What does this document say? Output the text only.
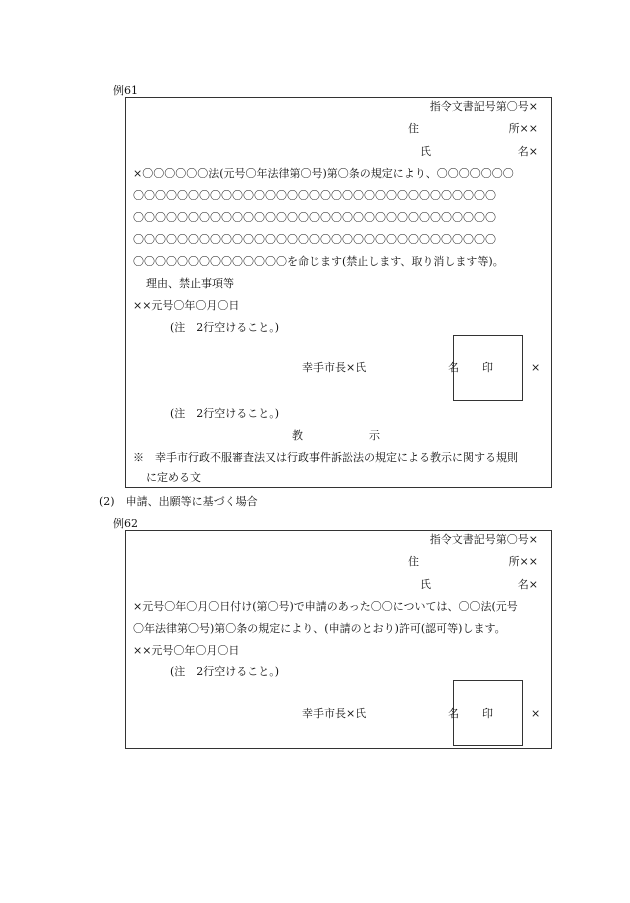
例61
指令文書記号第〇号×
住	所××
氏	名×
×〇〇〇〇〇〇法(元号〇年法律第〇号)第〇条の規定により、〇〇〇〇〇〇〇
〇〇〇〇〇〇〇〇〇〇〇〇〇〇〇〇〇〇〇〇〇〇〇〇〇〇〇〇〇〇〇〇〇
〇〇〇〇〇〇〇〇〇〇〇〇〇〇〇〇〇〇〇〇〇〇〇〇〇〇〇〇〇〇〇〇〇
〇〇〇〇〇〇〇〇〇〇〇〇〇〇〇〇〇〇〇〇〇〇〇〇〇〇〇〇〇〇〇〇〇
〇〇〇〇〇〇〇〇〇〇〇〇〇〇を命じます(禁止します、取り消します等)。
理由、禁止事項等
××元号〇年〇月〇日
(注　2行空けること。)
幸手市長×氏	名 印	×
(注　2行空けること。)
教	示
※　幸手市行政不服審査法又は行政事件訴訟法の規定による教示に関する規則
に定める文
(2)　申請、出願等に基づく場合
例62
指令文書記号第〇号×
住	所××
氏	名×
×元号〇年〇月〇日付け(第〇号)で申請のあった〇〇については、〇〇法(元号
〇年法律第〇号)第〇条の規定により、(申請のとおり)許可(認可等)します。
××元号〇年〇月〇日
(注　2行空けること。)
幸手市長×氏	名 印	×
